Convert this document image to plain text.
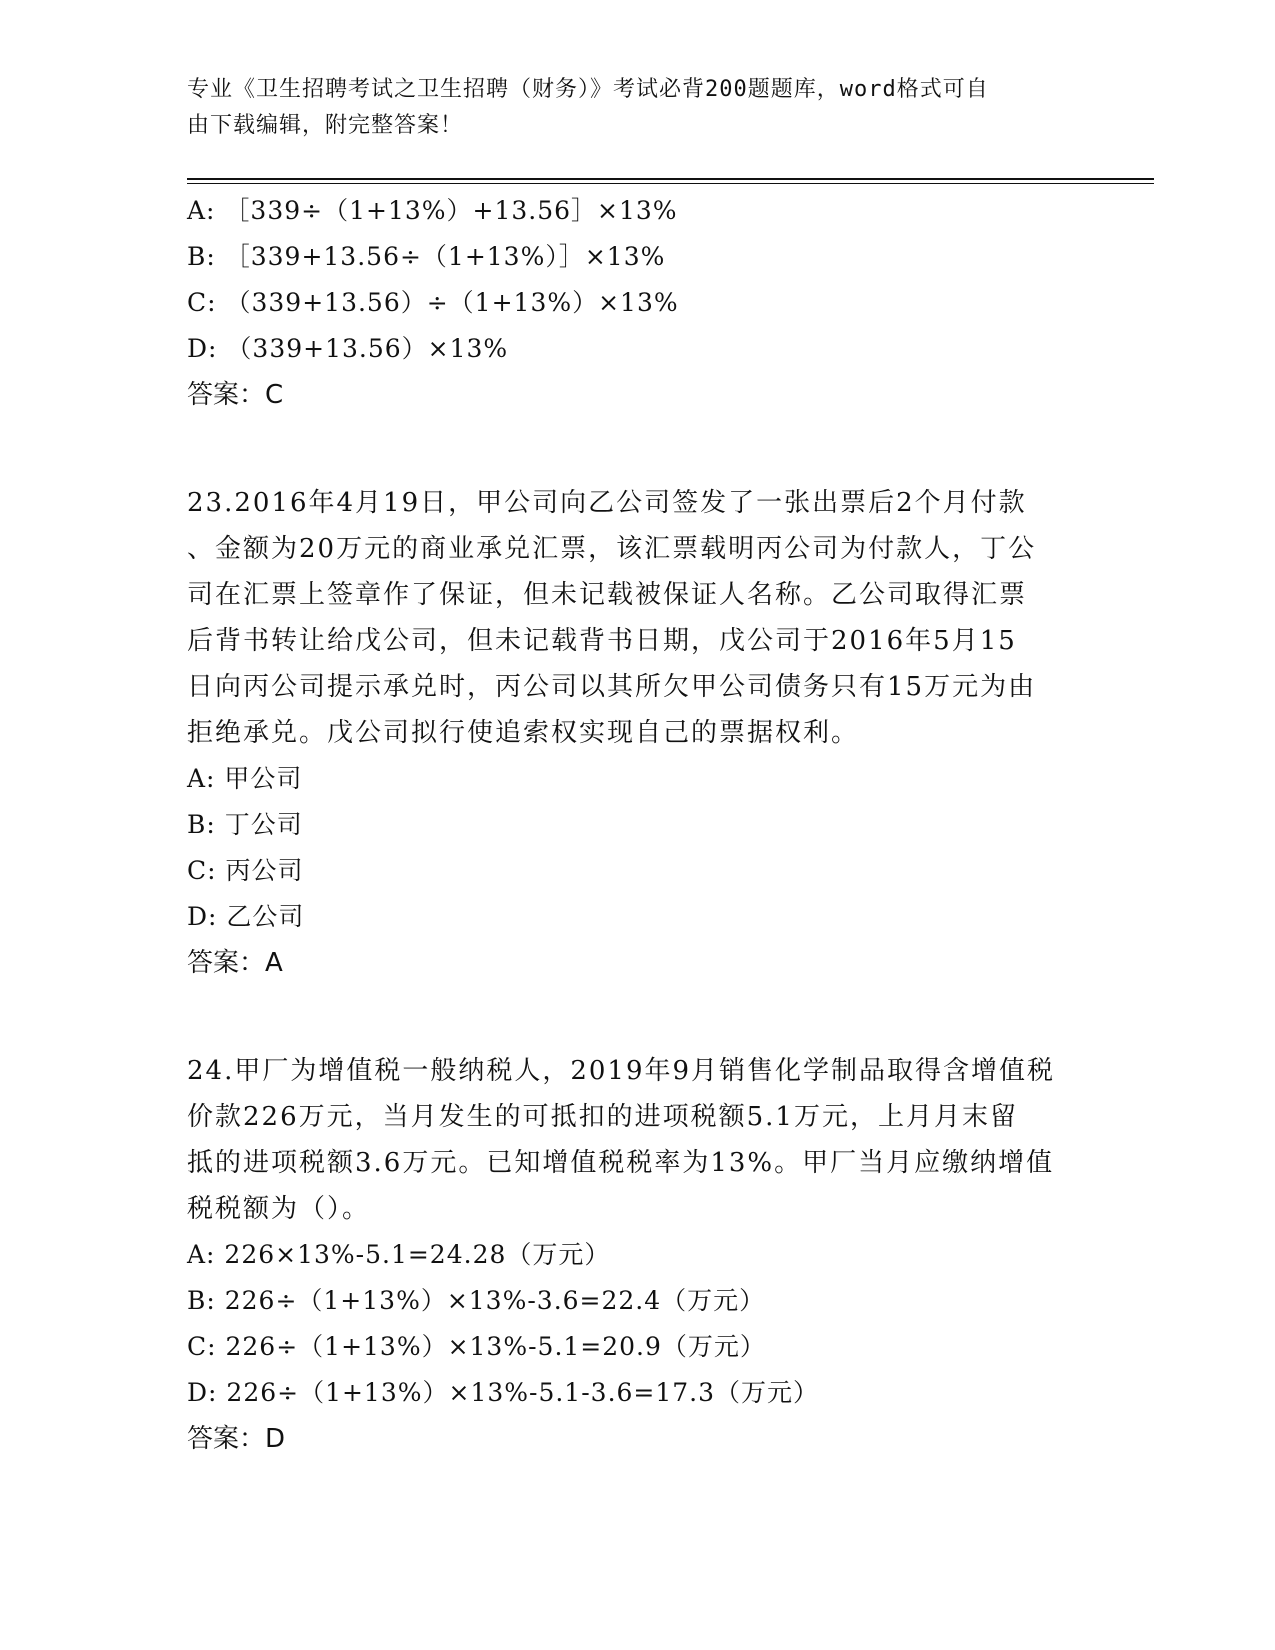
专业《卫生招聘考试之卫生招聘（财务）》考试必背200题题库，word格式可自
由下载编辑，附完整答案！
A: ［339÷（1+13%）+13.56］×13%
B: ［339+13.56÷（1+13%）］×13%
C: （339+13.56）÷（1+13%）×13%
D: （339+13.56）×13%
答案：C
23.2016年4月19日，甲公司向乙公司签发了一张出票后2个月付款
、金额为20万元的商业承兑汇票，该汇票载明丙公司为付款人，丁公
司在汇票上签章作了保证，但未记载被保证人名称。乙公司取得汇票
后背书转让给戊公司，但未记载背书日期，戊公司于2016年5月15
日向丙公司提示承兑时，丙公司以其所欠甲公司债务只有15万元为由
拒绝承兑。戊公司拟行使追索权实现自己的票据权利。
A: 甲公司
B: 丁公司
C: 丙公司
D: 乙公司
答案：A
24.甲厂为增值税一般纳税人，2019年9月销售化学制品取得含增值税
价款226万元，当月发生的可抵扣的进项税额5.1万元，上月月末留
抵的进项税额3.6万元。已知增值税税率为13%。甲厂当月应缴纳增值
税税额为（）。
A: 226×13%-5.1=24.28（万元）
B: 226÷（1+13%）×13%-3.6=22.4（万元）
C: 226÷（1+13%）×13%-5.1=20.9（万元）
D: 226÷（1+13%）×13%-5.1-3.6=17.3（万元）
答案：D
